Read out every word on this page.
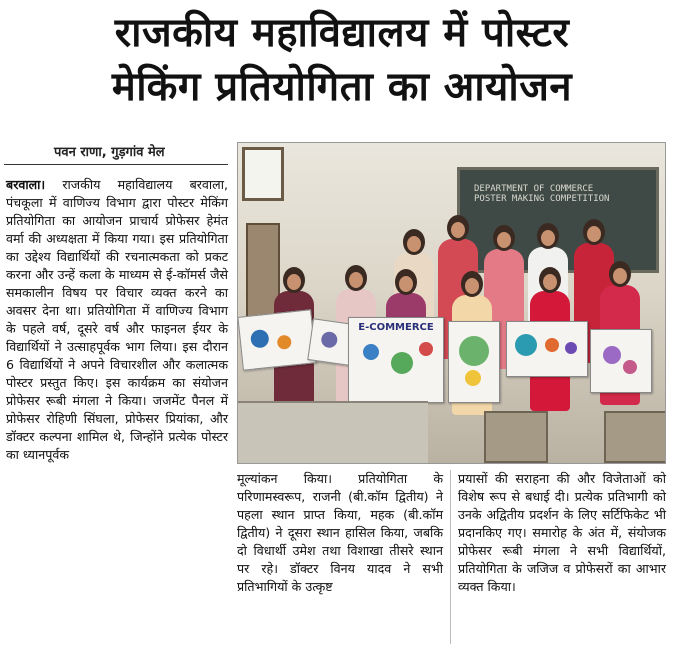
राजकीय महाविद्यालय में पोस्टर
मेकिंग प्रतियोगिता का आयोजन
पवन राणा, गुड़गांव मेल
बरवाला। राजकीय महाविद्यालय बरवाला, पंचकूला में वाणिज्य विभाग द्वारा पोस्टर मेकिंग प्रतियोगिता का आयोजन प्राचार्य प्रोफेसर हेमंत वर्मा की अध्यक्षता में किया गया। इस प्रतियोगिता का उद्देश्य विद्यार्थियों की रचनात्मकता को प्रकट करना और उन्हें कला के माध्यम से ई-कॉमर्स जैसे समकालीन विषय पर विचार व्यक्त करने का अवसर देना था। प्रतियोगिता में वाणिज्य विभाग के पहले वर्ष, दूसरे वर्ष और फाइनल ईयर के विद्यार्थियों ने उत्साहपूर्वक भाग लिया। इस दौरान 6 विद्यार्थियों ने अपने विचारशील और कलात्मक पोस्टर प्रस्तुत किए। इस कार्यक्रम का संयोजन प्रोफेसर रूबी मंगला ने किया। जजमेंट पैनल में प्रोफेसर रोहिणी सिंघला, प्रोफेसर प्रियांका, और डॉक्टर कल्पना शामिल थे, जिन्होंने प्रत्येक पोस्टर का ध्यानपूर्वक
DEPARTMENT OF COMMERCE
POSTER MAKING COMPETITION
E-COMMERCE
मूल्यांकन किया। प्रतियोगिता के परिणामस्वरूप, राजनी (बी.कॉम द्वितीय) ने पहला स्थान प्राप्त किया, महक (बी.कॉम द्वितीय) ने दूसरा स्थान हासिल किया, जबकि दो विधार्थी उमेश तथा विशाखा तीसरे स्थान पर रहे। डॉक्टर विनय यादव ने सभी प्रतिभागियों के उत्कृष्ट
प्रयासों की सराहना की और विजेताओं को विशेष रूप से बधाई दी। प्रत्येक प्रतिभागी को उनके अद्वितीय प्रदर्शन के लिए सर्टिफिकेट भी प्रदानकिए गए। समारोह के अंत में, संयोजक प्रोफेसर रूबी मंगला ने सभी विद्यार्थियों, प्रतियोगिता के जजिज व प्रोफेसरों का आभार व्यक्त किया।
